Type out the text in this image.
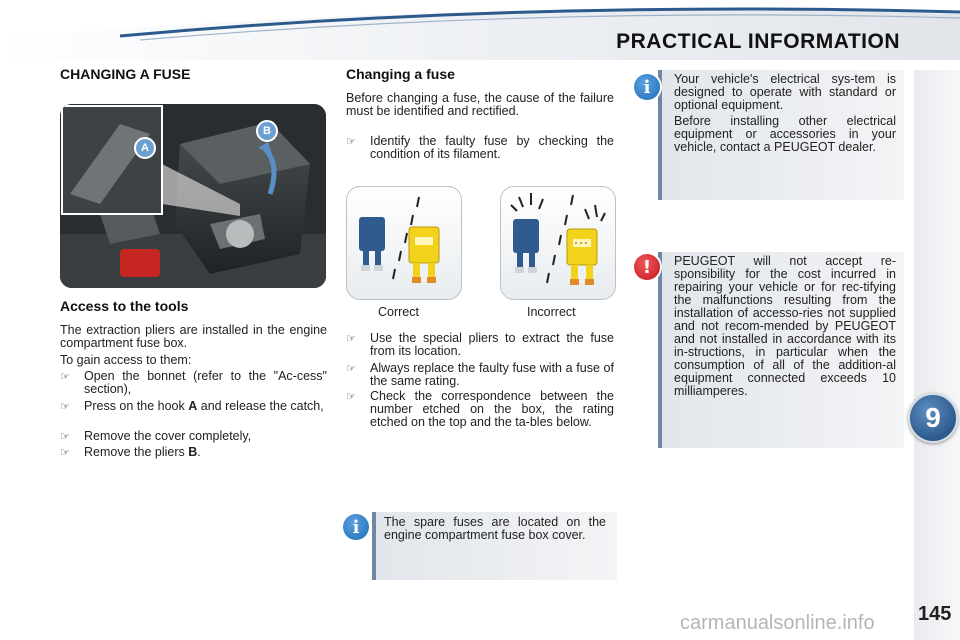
PRACTICAL INFORMATION
9
145
CHANGING A FUSE
A
B
Access to the tools
The extraction pliers are installed in the engine compartment fuse box.
To gain access to them:
☞ Open the bonnet (refer to the "Ac-cess" section),
☞ Press on the hook A and release the catch,
☞ Remove the cover completely,
☞ Remove the pliers B.
Changing a fuse
Before changing a fuse, the cause of the failure must be identified and rectified.
☞ Identify the faulty fuse by checking the condition of its filament.
Correct	Incorrect
☞ Use the special pliers to extract the fuse from its location.
☞ Always replace the faulty fuse with a fuse of the same rating.
☞ Check the correspondence between the number etched on the box, the rating etched on the top and the ta-bles below.
The spare fuses are located on the engine compartment fuse box cover.
i
Your vehicle's electrical sys-tem is designed to operate with standard or optional equipment.
Before installing other electrical equipment or accessories in your vehicle, contact a PEUGEOT dealer.
i
PEUGEOT will not accept re-sponsibility for the cost incurred in repairing your vehicle or for rec-tifying the malfunctions resulting from the installation of accesso-ries not supplied and not recom-mended by PEUGEOT and not installed in accordance with its in-structions, in particular when the consumption of all of the addition-al equipment connected exceeds 10 milliamperes.
!
carmanualsonline.info
